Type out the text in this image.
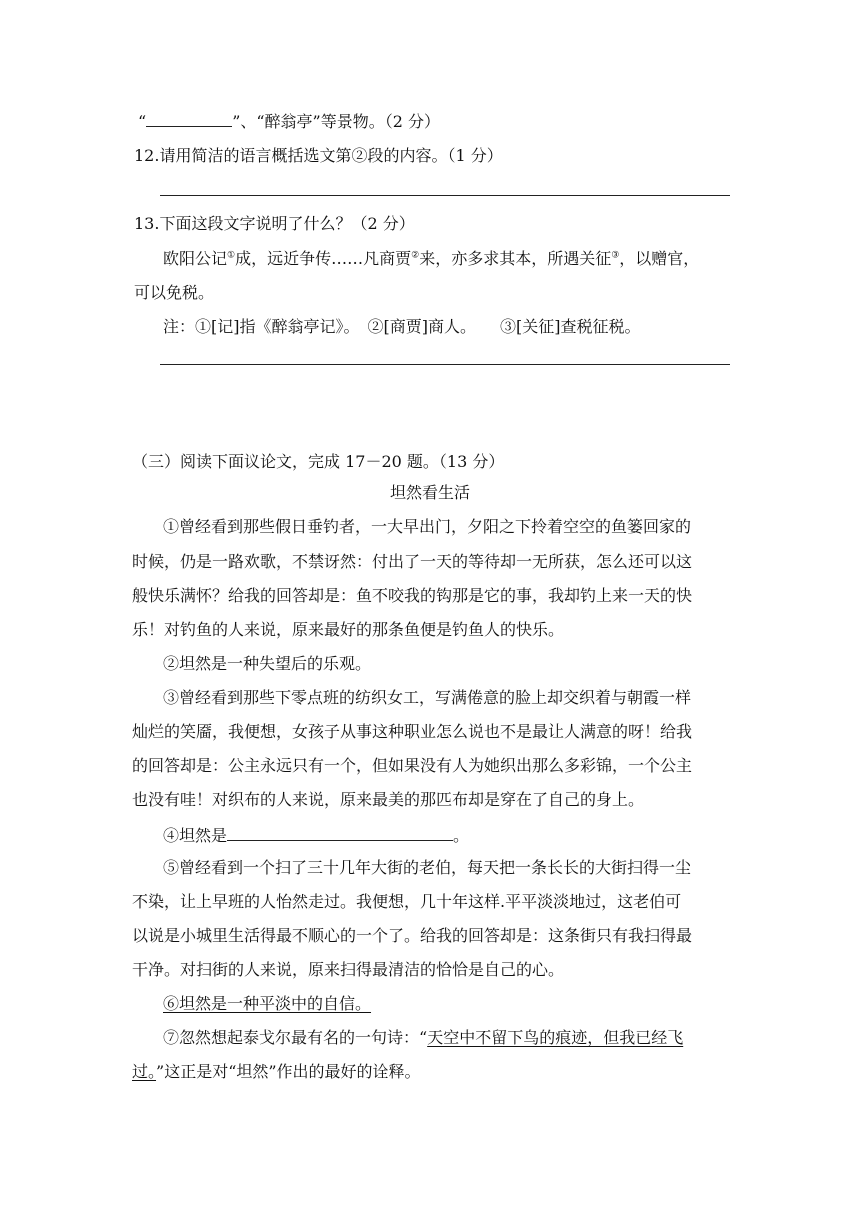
“	”、“醉翁亭”等景物。（2 分）
12.请用简洁的语言概括选文第②段的内容。（1 分）
13.下面这段文字说明了什么？（2 分）
欧阳公记①成，远近争传……凡商贾②来，亦多求其本，所遇关征③，以赠官，
可以免税。
注：①[记]指《醉翁亭记》。　②[商贾]商人。　　③[关征]查税征税。
（三）阅读下面议论文，完成 17－20 题。（13 分）
坦然看生活
①曾经看到那些假日垂钓者，一大早出门，夕阳之下拎着空空的鱼篓回家的
时候，仍是一路欢歌，不禁讶然：付出了一天的等待却一无所获，怎么还可以这
般快乐满怀？给我的回答却是：鱼不咬我的钩那是它的事，我却钓上来一天的快
乐！对钓鱼的人来说，原来最好的那条鱼便是钓鱼人的快乐。
②坦然是一种失望后的乐观。
③曾经看到那些下零点班的纺织女工，写满倦意的脸上却交织着与朝霞一样
灿烂的笑靥，我便想，女孩子从事这种职业怎么说也不是最让人满意的呀！给我
的回答却是：公主永远只有一个，但如果没有人为她织出那么多彩锦，一个公主
也没有哇！对织布的人来说，原来最美的那匹布却是穿在了自己的身上。
④坦然是	。
⑤曾经看到一个扫了三十几年大街的老伯，每天把一条长长的大街扫得一尘
不染，让上早班的人怡然走过。我便想，几十年这样.平平淡淡地过，这老伯可
以说是小城里生活得最不顺心的一个了。给我的回答却是：这条街只有我扫得最
干净。对扫街的人来说，原来扫得最清洁的恰恰是自己的心。
⑥坦然是一种平淡中的自信。
⑦忽然想起泰戈尔最有名的一句诗：“天空中不留下鸟的痕迹，但我已经飞
过。”这正是对“坦然”作出的最好的诠释。
